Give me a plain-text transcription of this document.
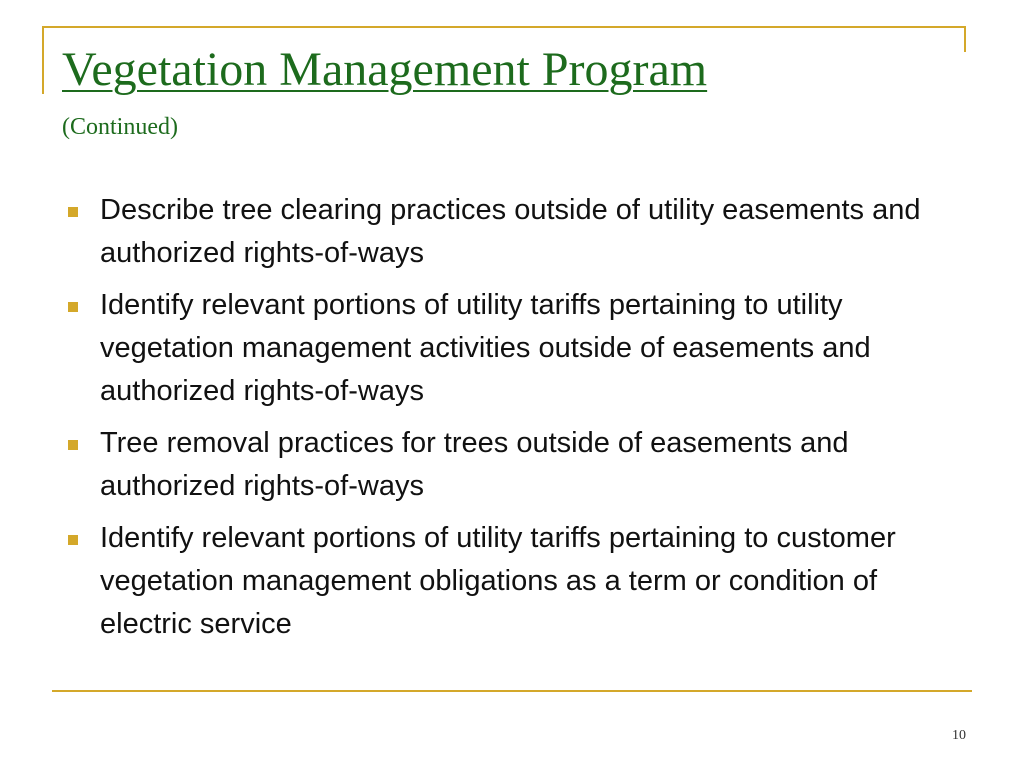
Vegetation Management Program
(Continued)
Describe tree clearing practices outside of utility easements and authorized rights-of-ways
Identify relevant portions of utility tariffs pertaining to utility vegetation management activities outside of easements and authorized rights-of-ways
Tree removal practices for trees outside of easements and authorized rights-of-ways
Identify relevant portions of utility tariffs pertaining to customer vegetation management obligations as a term or condition of electric service
10
